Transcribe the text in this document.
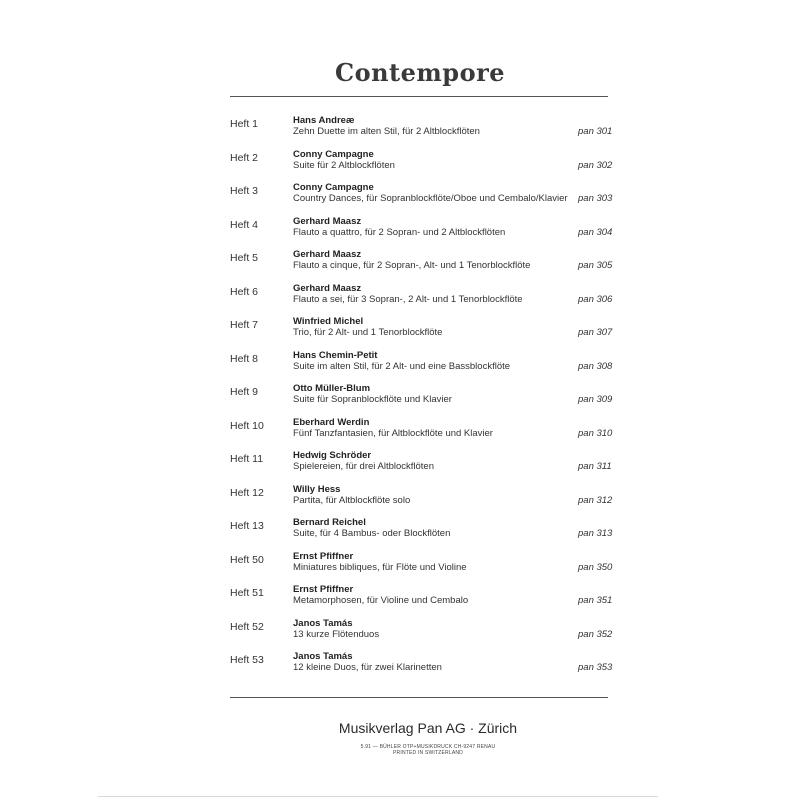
Contempore
Heft 1	Hans Andreæ
Zehn Duette im alten Stil, für 2 Altblockflöten	pan 301
Heft 2	Conny Campagne
Suite für 2 Altblockflöten	pan 302
Heft 3	Conny Campagne
Country Dances, für Sopranblockflöte/Oboe und Cembalo/Klavier pan 303
Heft 4	Gerhard Maasz
Flauto a quattro, für 2 Sopran- und 2 Altblockflöten	pan 304
Heft 5	Gerhard Maasz
Flauto a cinque, für 2 Sopran-, Alt- und 1 Tenorblockflöte	pan 305
Heft 6	Gerhard Maasz
Flauto a sei, für 3 Sopran-, 2 Alt- und 1 Tenorblockflöte	pan 306
Heft 7	Winfried Michel
Trio, für 2 Alt- und 1 Tenorblockflöte	pan 307
Heft 8	Hans Chemin-Petit
Suite im alten Stil, für 2 Alt- und eine Bassblockflöte	pan 308
Heft 9	Otto Müller-Blum
Suite für Sopranblockflöte und Klavier	pan 309
Heft 10	Eberhard Werdin
Fünf Tanzfantasien, für Altblockflöte und Klavier	pan 310
Heft 11	Hedwig Schröder
Spielereien, für drei Altblockflöten	pan 311
Heft 12	Willy Hess
Partita, für Altblockflöte solo	pan 312
Heft 13	Bernard Reichel
Suite, für 4 Bambus- oder Blockflöten	pan 313
Heft 50	Ernst Pfiffner
Miniatures bibliques, für Flöte und Violine	pan 350
Heft 51	Ernst Pfiffner
Metamorphosen, für Violine und Cembalo	pan 351
Heft 52	Janos Tamás
13 kurze Flötenduos	pan 352
Heft 53	Janos Tamás
12 kleine Duos, für zwei Klarinetten	pan 353
Musikverlag Pan AG · Zürich
5.91 — BÜHLER OTP+MUSIKDRUCK CH-9247 RENAU
PRINTED IN SWITZERLAND
